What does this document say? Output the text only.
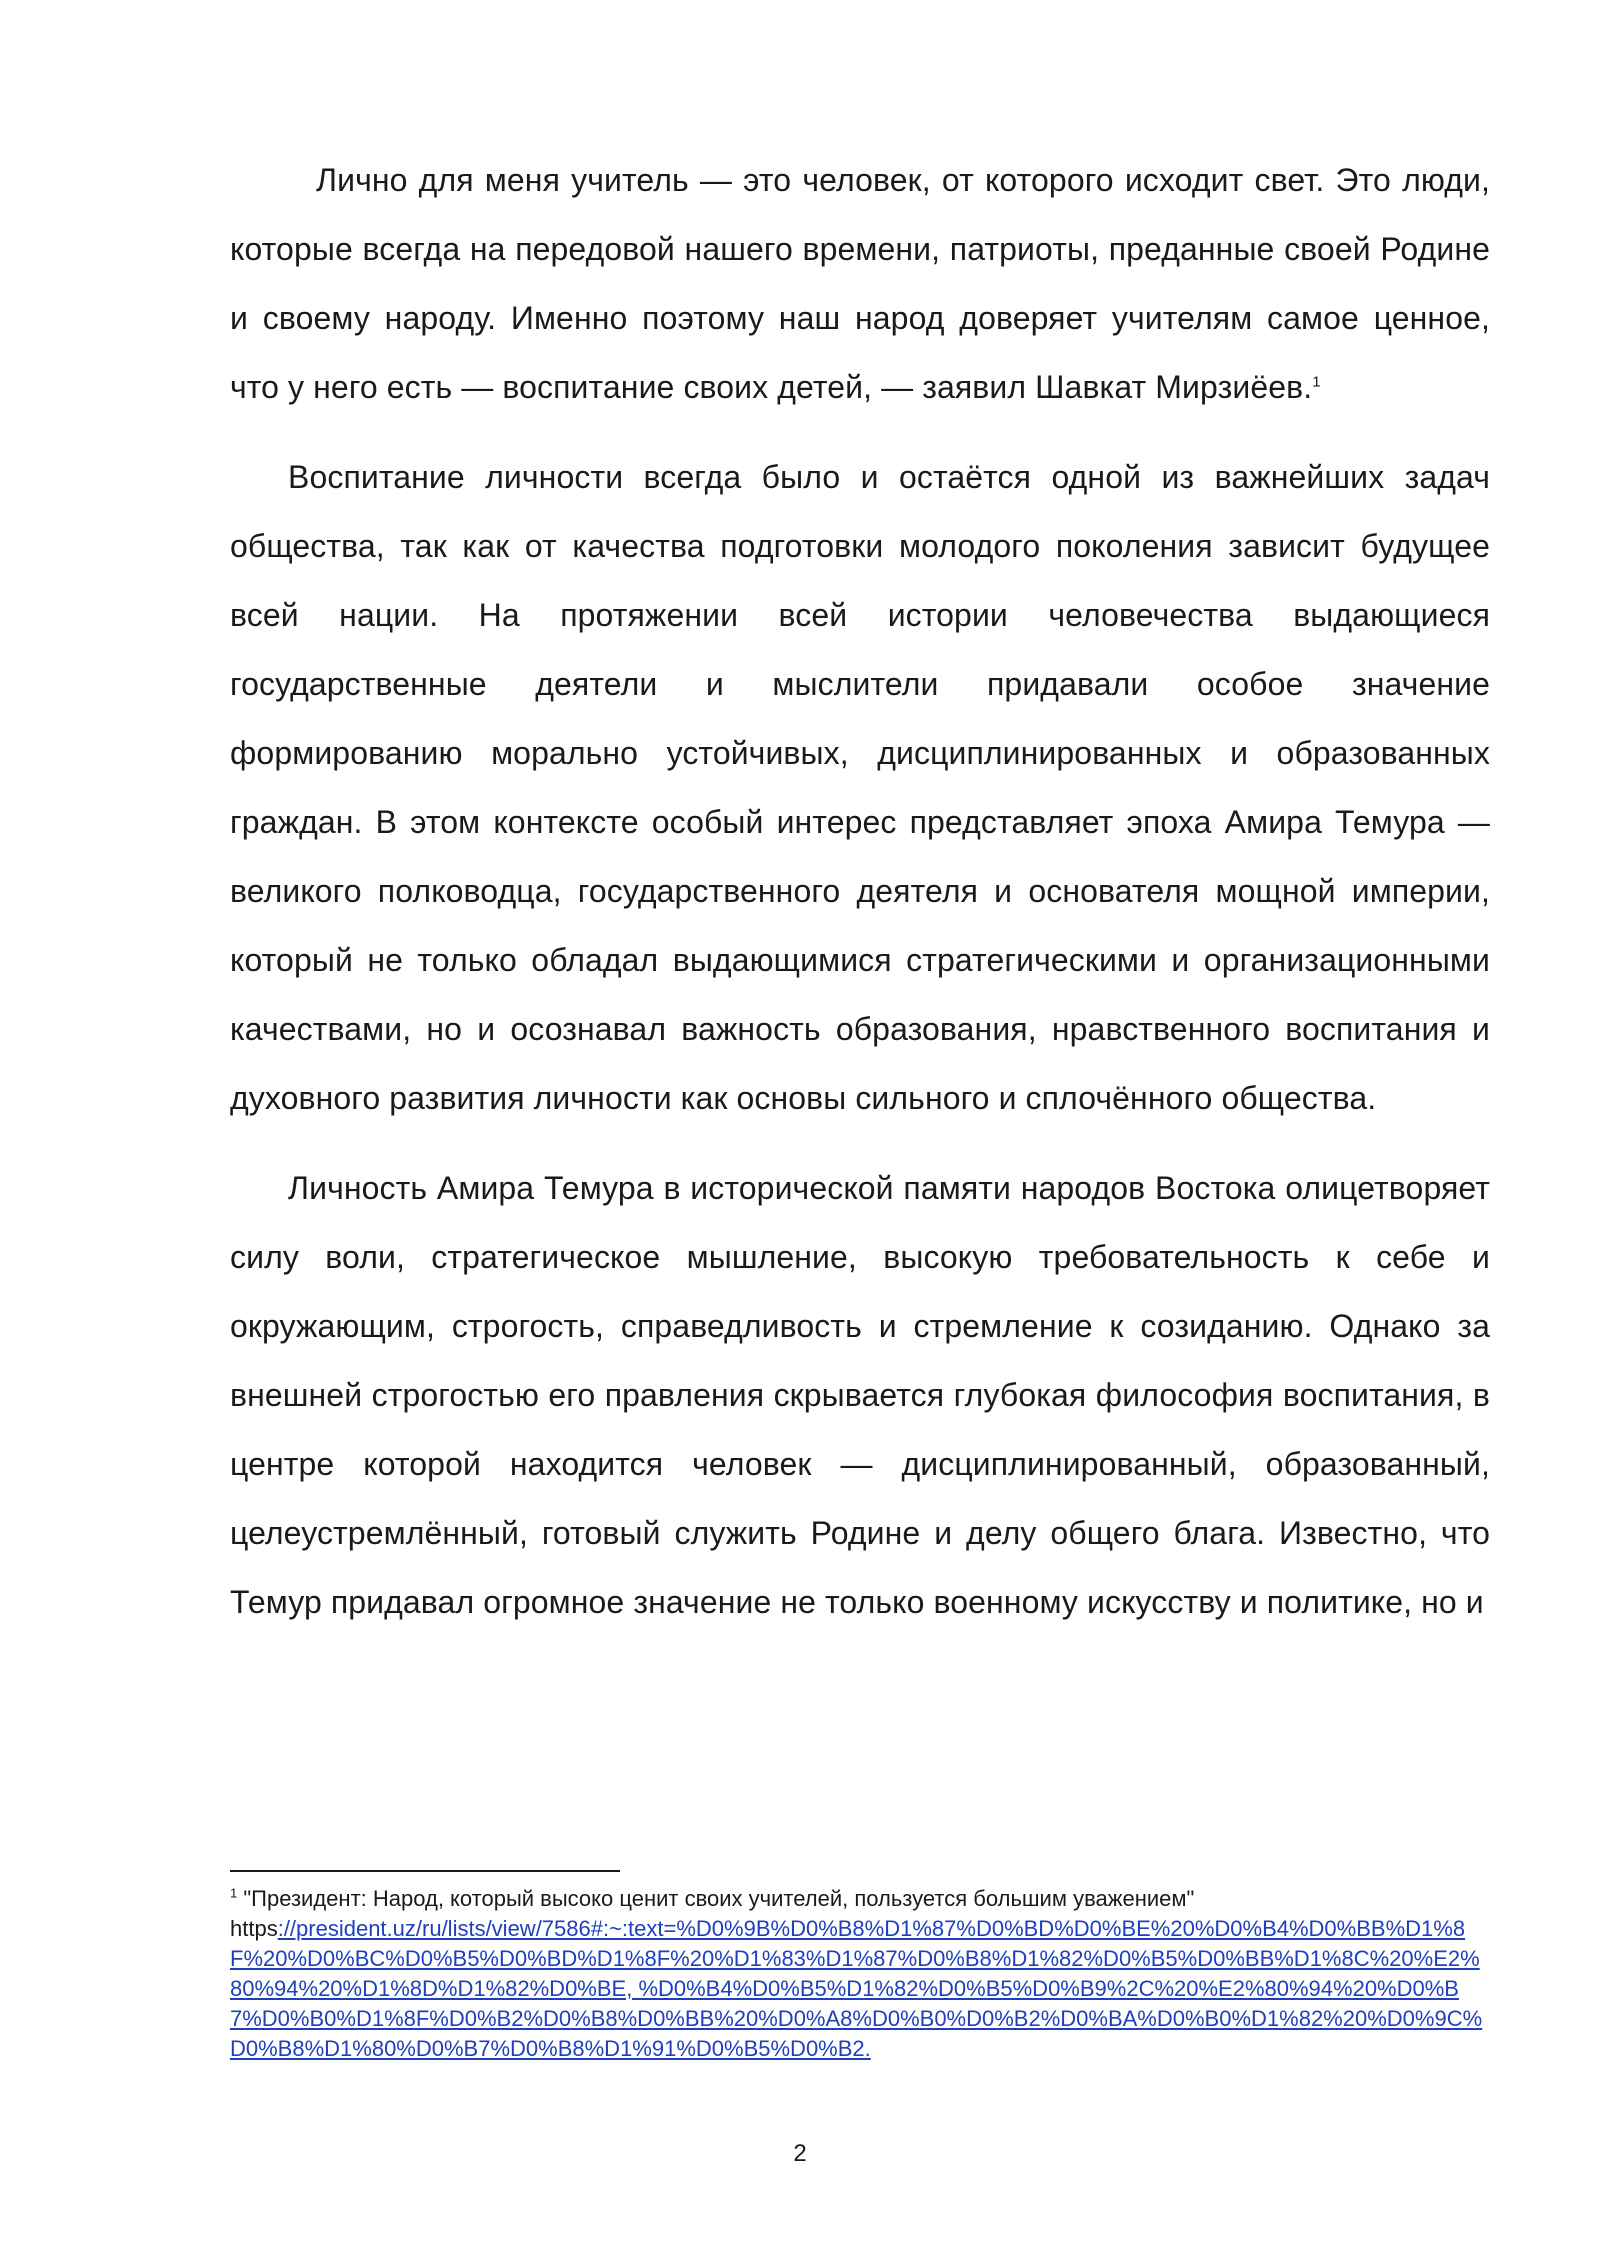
Лично для меня учитель — это человек, от которого исходит свет. Это люди, которые всегда на передовой нашего времени, патриоты, преданные своей Родине и своему народу. Именно поэтому наш народ доверяет учителям самое ценное, что у него есть — воспитание своих детей, — заявил Шавкат Мирзиёев.$^1$

Воспитание личности всегда было и остаётся одной из важнейших задач общества, так как от качества подготовки молодого поколения зависит будущее всей нации. На протяжении всей истории человечества выдающиеся государственные деятели и мыслители придавали особое значение формированию морально устойчивых, дисциплинированных и образованных граждан. В этом контексте особый интерес представляет эпоха Амира Темура — великого полководца, государственного деятеля и основателя мощной империи, который не только обладал выдающимися стратегическими и организационными качествами, но и осознавал важность образования, нравственного воспитания и духовного развития личности как основы сильного и сплочённого общества.

Личность Амира Темура в исторической памяти народов Востока олицетворяет силу воли, стратегическое мышление, высокую требовательность к себе и окружающим, строгость, справедливость и стремление к созиданию. Однако за внешней строгостью его правления скрывается глубокая философия воспитания, в центре которой находится человек — дисциплинированный, образованный, целеустремлённый, готовый служить Родине и делу общего блага. Известно, что Темур придавал огромное значение не только военному искусству и политике, но и

$^1$ "Президент: Народ, который высоко ценит своих учителей, пользуется большим уважением"
https://president.uz/ru/lists/view/7586#:~:text=%D0%9B%D0%B8%D1%87%D0%BD%D0%BE%20%D0%B4%D0%BB%D1%8F%20%D0%BC%D0%B5%D0%BD%D1%8F%20%D1%83%D1%87%D0%B8%D1%82%D0%B5%D0%BB%D1%8C%20%E2%80%94%20%D1%8D%D1%82%D0%BE, %D0%B4%D0%B5%D1%82%D0%B5%D0%B9%2C%20%E2%80%94%20%D0%B7%D0%B0%D1%8F%D0%B2%D0%B8%D0%BB%20%D0%A8%D0%B0%D0%B2%D0%BA%D0%B0%D1%82%20%D0%9C%D0%B8%D1%80%D0%B7%D0%B8%D1%91%D0%B5%D0%B2.
2
